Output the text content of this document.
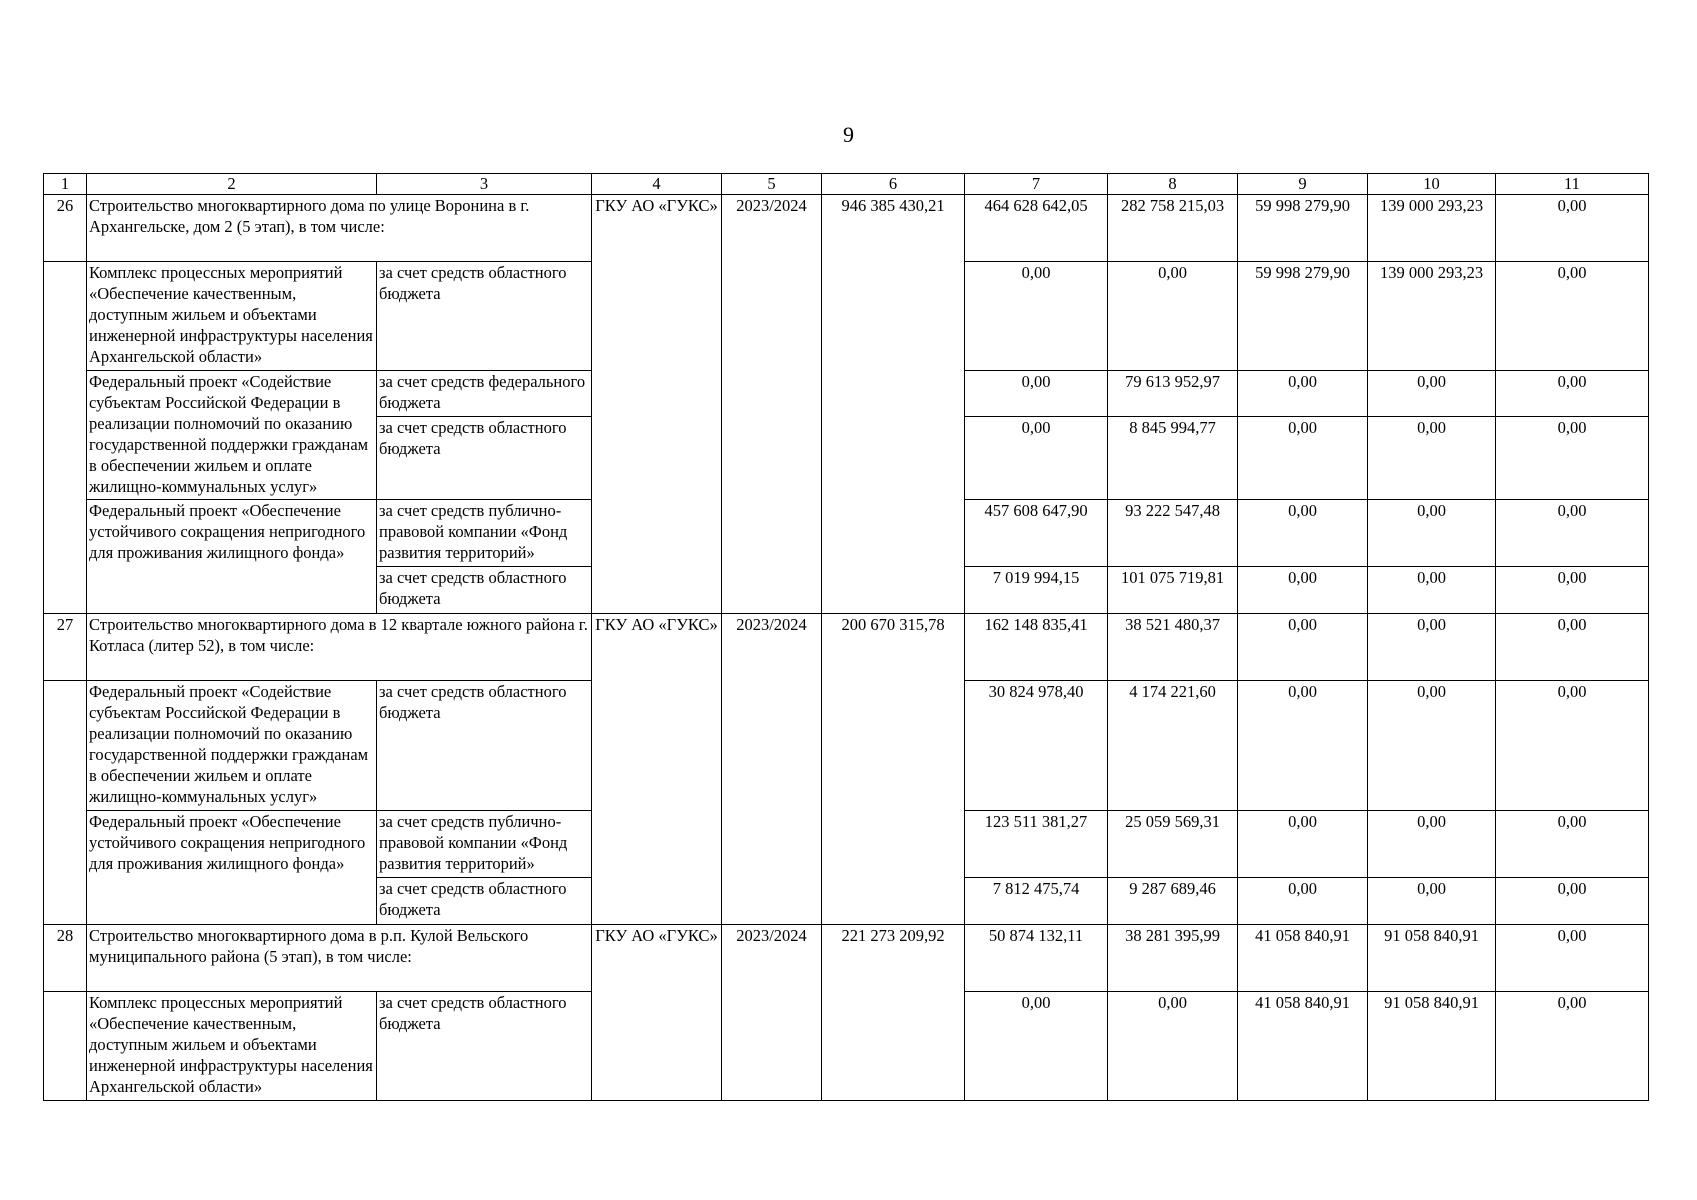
9
1	2	3	4	5	6	7	8	9	10	11
26	Строительство многоквартирного дома по улице Воронина в г. Архангельске, дом 2 (5 этап), в том числе:		ГКУ АО «ГУКС»	2023/2024	946 385 430,21	464 628 642,05	282 758 215,03	59 998 279,90	139 000 293,23	0,00
	Комплекс процессных мероприятий «Обеспечение качественным, доступным жильем и объектами инженерной инфраструктуры населения Архангельской области»	за счет средств областного бюджета				0,00	0,00	59 998 279,90	139 000 293,23	0,00
	Федеральный проект «Содействие субъектам Российской Федерации в реализации полномочий по оказанию государственной поддержки гражданам в обеспечении жильем и оплате жилищно-коммунальных услуг»	за счет средств федерального бюджета				0,00	79 613 952,97	0,00	0,00	0,00
		за счет средств областного бюджета				0,00	8 845 994,77	0,00	0,00	0,00
	Федеральный проект «Обеспечение устойчивого сокращения непригодного для проживания жилищного фонда»	за счет средств публично-правовой компании «Фонд развития территорий»				457 608 647,90	93 222 547,48	0,00	0,00	0,00
		за счет средств областного бюджета				7 019 994,15	101 075 719,81	0,00	0,00	0,00
27	Строительство многоквартирного дома в 12 квартале южного района г. Котласа (литер 52), в том числе:		ГКУ АО «ГУКС»	2023/2024	200 670 315,78	162 148 835,41	38 521 480,37	0,00	0,00	0,00
	Федеральный проект «Содействие субъектам Российской Федерации в реализации полномочий по оказанию государственной поддержки гражданам в обеспечении жильем и оплате жилищно-коммунальных услуг»	за счет средств областного бюджета				30 824 978,40	4 174 221,60	0,00	0,00	0,00
	Федеральный проект «Обеспечение устойчивого сокращения непригодного для проживания жилищного фонда»	за счет средств публично-правовой компании «Фонд развития территорий»				123 511 381,27	25 059 569,31	0,00	0,00	0,00
		за счет средств областного бюджета				7 812 475,74	9 287 689,46	0,00	0,00	0,00
28	Строительство многоквартирного дома в р.п. Кулой Вельского муниципального района (5 этап), в том числе:		ГКУ АО «ГУКС»	2023/2024	221 273 209,92	50 874 132,11	38 281 395,99	41 058 840,91	91 058 840,91	0,00
	Комплекс процессных мероприятий «Обеспечение качественным, доступным жильем и объектами инженерной инфраструктуры населения Архангельской области»	за счет средств областного бюджета				0,00	0,00	41 058 840,91	91 058 840,91	0,00
